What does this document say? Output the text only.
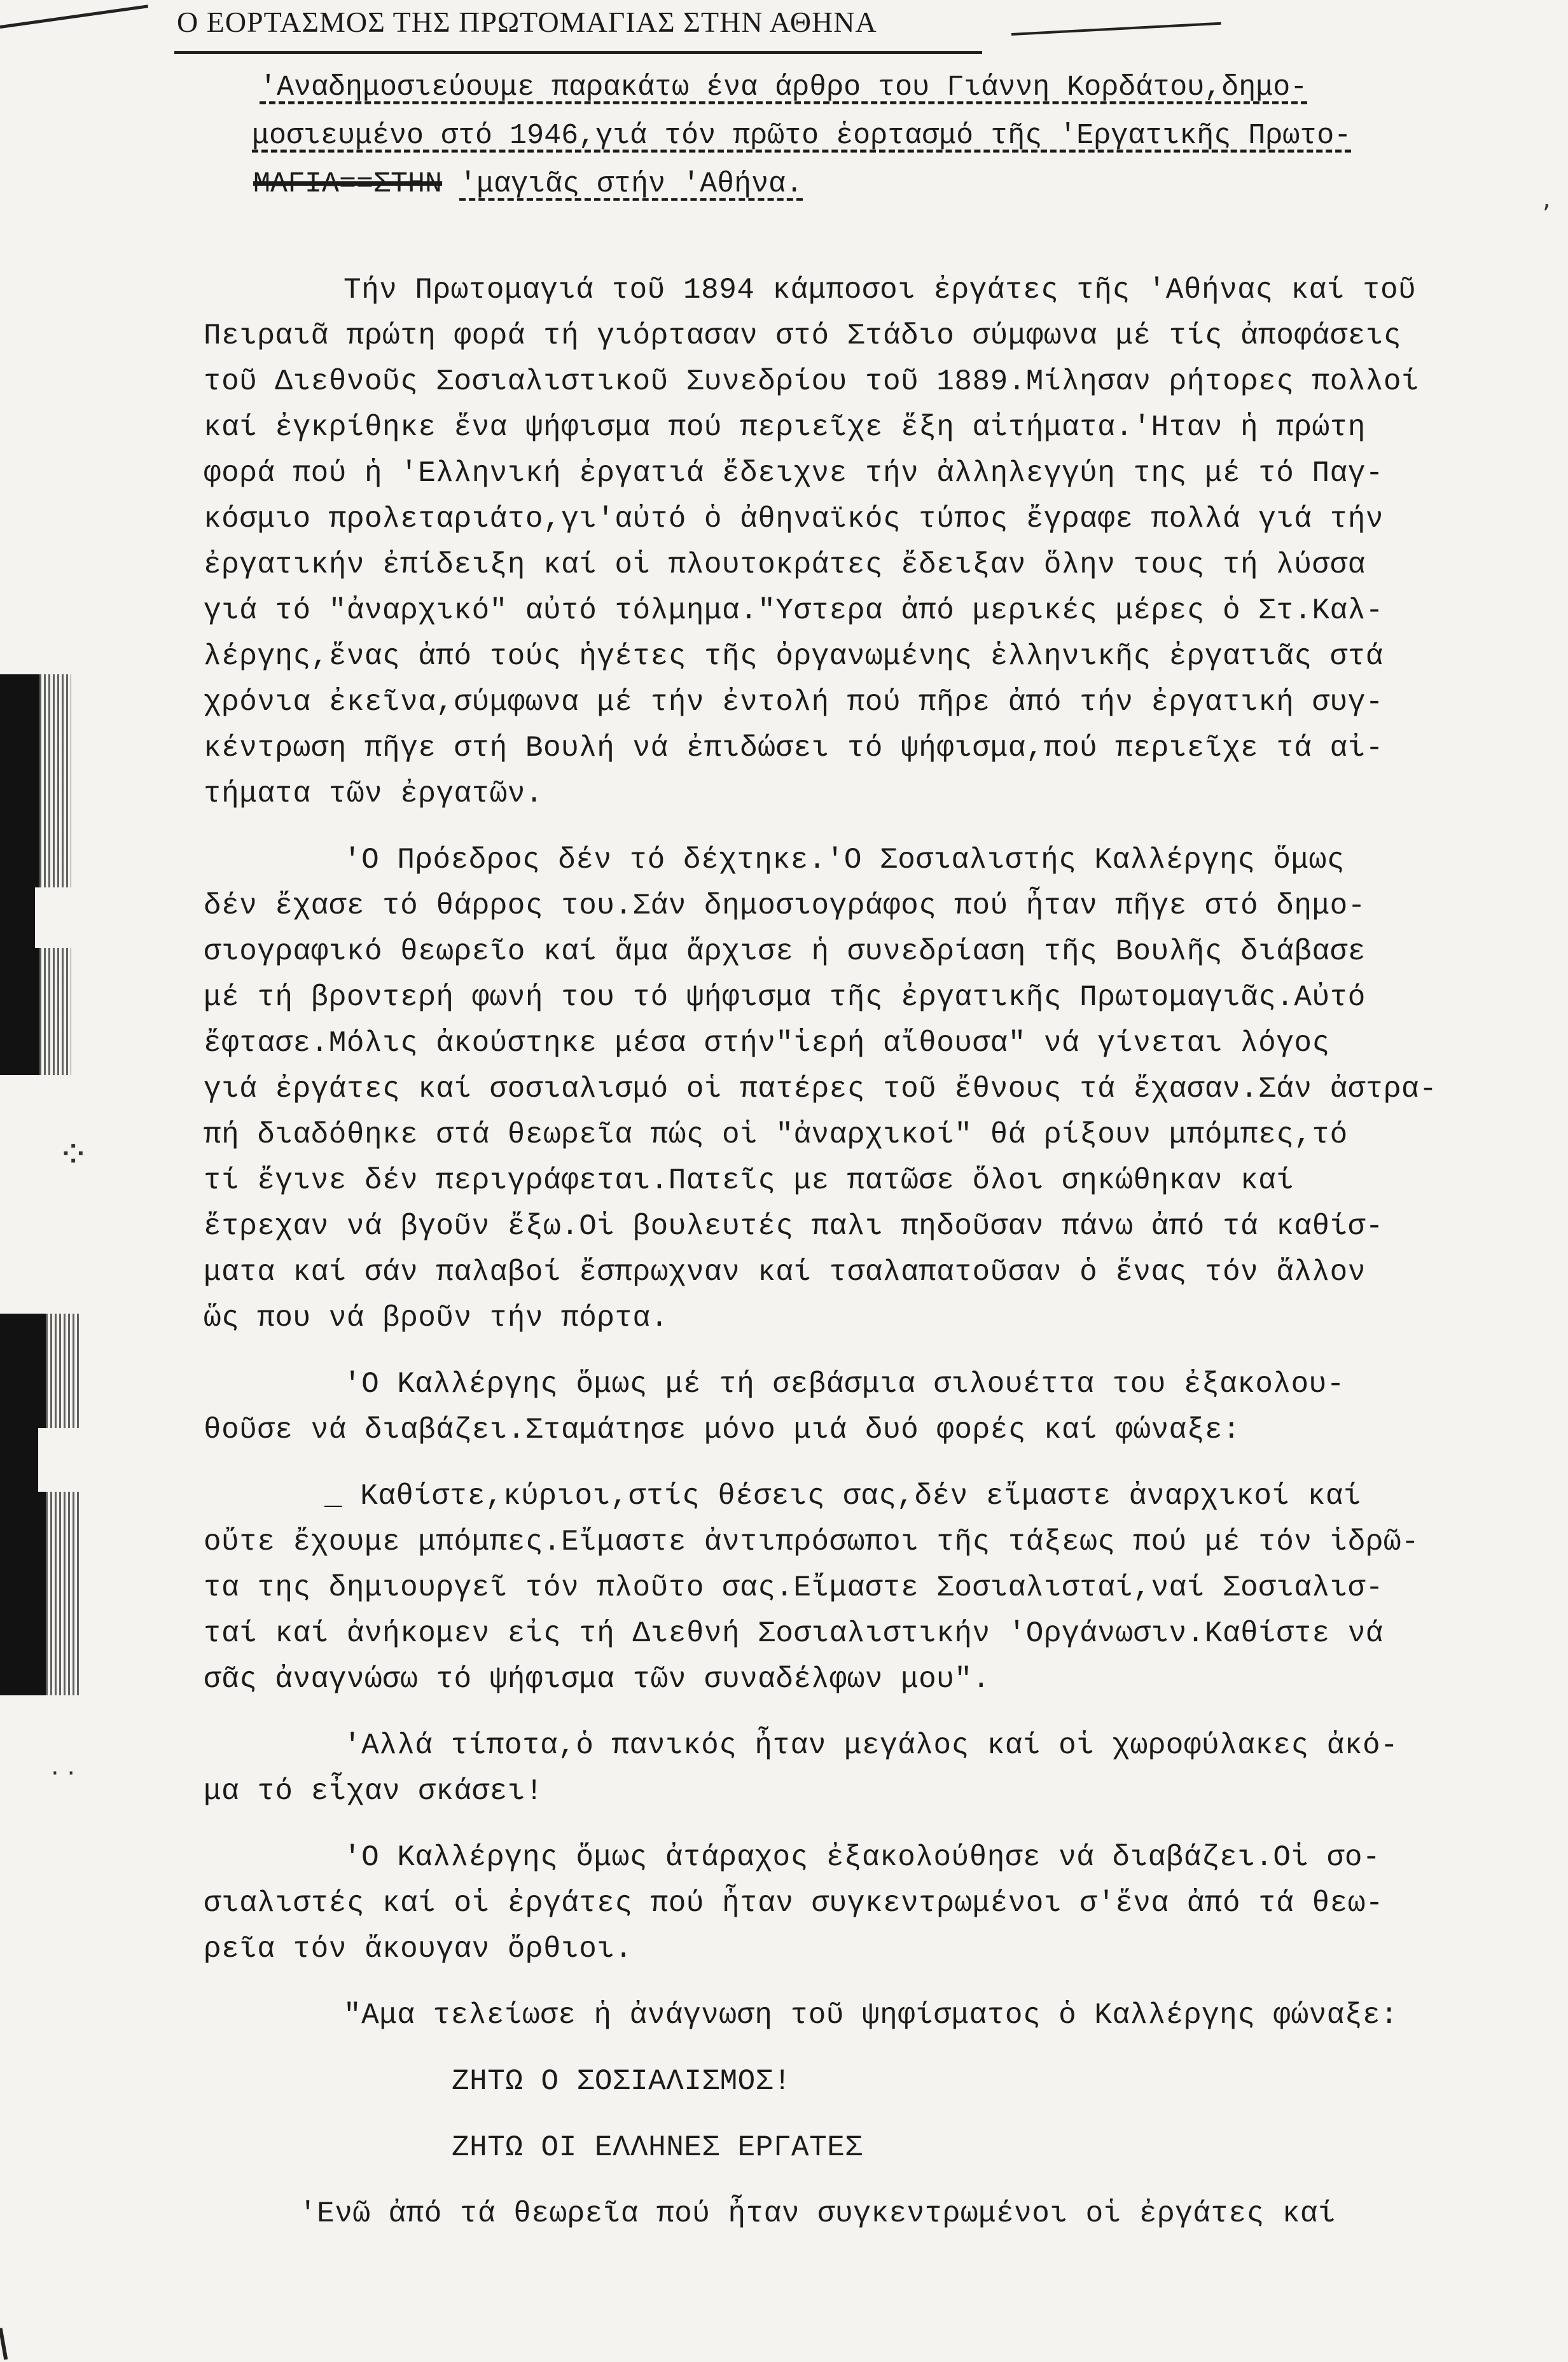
Ο ΕΟΡΤΑΣΜΟΣ ΤΗΣ ΠΡΩΤΟΜΑΓΙΑΣ ΣΤΗΝ ΑΘΗΝΑ
'Αναδημοσιεύουμε παρακάτω ένα άρθρο του Γιάννη Κορδάτου,δημο-
μοσιευμένο στό 1946,γιά τόν πρῶτο ἑορτασμό τῆς 'Εργατικῆς Πρωτο-
ΜΑΓΙΑ==ΣΤΗΝ 'μαγιᾶς στήν 'Αθήνα.
⁘
· ·
,
Τήν Πρωτομαγιά τοῦ 1894 κάμποσοι ἐργάτες τῆς 'Αθήνας καί τοῦ
Πειραιᾶ πρώτη φορά τή γιόρτασαν στό Στάδιο σύμφωνα μέ τίς ἀποφάσεις
τοῦ Διεθνοῦς Σοσιαλιστικοῦ Συνεδρίου τοῦ 1889.Μίλησαν ρήτορες πολλοί
καί ἐγκρίθηκε ἕνα ψήφισμα πού περιεῖχε ἕξη αἰτήματα.'Ηταν ἡ πρώτη
φορά πού ἡ 'Ελληνική ἐργατιά ἔδειχνε τήν ἀλληλεγγύη της μέ τό Παγ-
κόσμιο προλεταριάτο,γι'αὐτό ὁ ἀθηναϊκός τύπος ἔγραφε πολλά γιά τήν
ἐργατικήν ἐπίδειξη καί οἱ πλουτοκράτες ἔδειξαν ὅλην τους τή λύσσα
γιά τό "ἀναρχικό" αὐτό τόλμημα."Υστερα ἀπό μερικές μέρες ὁ Στ.Καλ-
λέργης,ἕνας ἀπό τούς ἡγέτες τῆς ὀργανωμένης ἑλληνικῆς ἐργατιᾶς στά
χρόνια ἐκεῖνα,σύμφωνα μέ τήν ἐντολή πού πῆρε ἀπό τήν ἐργατική συγ-
κέντρωση πῆγε στή Βουλή νά ἐπιδώσει τό ψήφισμα,πού περιεῖχε τά αἰ-
τήματα τῶν ἐργατῶν.
'Ο Πρόεδρος δέν τό δέχτηκε.'Ο Σοσιαλιστής Καλλέργης ὅμως
δέν ἔχασε τό θάρρος του.Σάν δημοσιογράφος πού ἦταν πῆγε στό δημο-
σιογραφικό θεωρεῖο καί ἅμα ἄρχισε ἡ συνεδρίαση τῆς Βουλῆς διάβασε
μέ τή βροντερή φωνή του τό ψήφισμα τῆς ἐργατικῆς Πρωτομαγιᾶς.Αὐτό
ἔφτασε.Μόλις ἀκούστηκε μέσα στήν"ἱερή αἴθουσα" νά γίνεται λόγος
γιά ἐργάτες καί σοσιαλισμό οἱ πατέρες τοῦ ἔθνους τά ἔχασαν.Σάν ἀστρα-
πή διαδόθηκε στά θεωρεῖα πώς οἱ "ἀναρχικοί" θά ρίξουν μπόμπες,τό
τί ἔγινε δέν περιγράφεται.Πατεῖς με πατῶσε ὅλοι σηκώθηκαν καί
ἔτρεχαν νά βγοῦν ἔξω.Οἱ βουλευτές παλι πηδοῦσαν πάνω ἀπό τά καθίσ-
ματα καί σάν παλαβοί ἔσπρωχναν καί τσαλαπατοῦσαν ὁ ἕνας τόν ἄλλον
ὥς που νά βροῦν τήν πόρτα.
'Ο Καλλέργης ὅμως μέ τή σεβάσμια σιλουέττα του ἐξακολου-
θοῦσε νά διαβάζει.Σταμάτησε μόνο μιά δυό φορές καί φώναξε:
_ Καθίστε,κύριοι,στίς θέσεις σας,δέν εἴμαστε ἀναρχικοί καί
οὔτε ἔχουμε μπόμπες.Εἴμαστε ἀντιπρόσωποι τῆς τάξεως πού μέ τόν ἱδρῶ-
τα της δημιουργεῖ τόν πλοῦτο σας.Εἴμαστε Σοσιαλισταί,ναί Σοσιαλισ-
ταί καί ἀνήκομεν εἰς τή Διεθνή Σοσιαλιστικήν 'Οργάνωσιν.Καθίστε νά
σᾶς ἀναγνώσω τό ψήφισμα τῶν συναδέλφων μου".
'Αλλά τίποτα,ὁ πανικός ἦταν μεγάλος καί οἱ χωροφύλακες ἀκό-
μα τό εἶχαν σκάσει!
'Ο Καλλέργης ὅμως ἀτάραχος ἐξακολούθησε νά διαβάζει.Οἱ σο-
σιαλιστές καί οἱ ἐργάτες πού ἦταν συγκεντρωμένοι σ'ἕνα ἀπό τά θεω-
ρεῖα τόν ἄκουγαν ὄρθιοι.
"Αμα τελείωσε ἡ ἀνάγνωση τοῦ ψηφίσματος ὁ Καλλέργης φώναξε:
ΖΗΤΩ Ο ΣΟΣΙΑΛΙΣΜΟΣ!
ΖΗΤΩ ΟΙ ΕΛΛΗΝΕΣ ΕΡΓΑΤΕΣ
'Ενῶ ἀπό τά θεωρεῖα πού ἦταν συγκεντρωμένοι οἱ ἐργάτες καί
